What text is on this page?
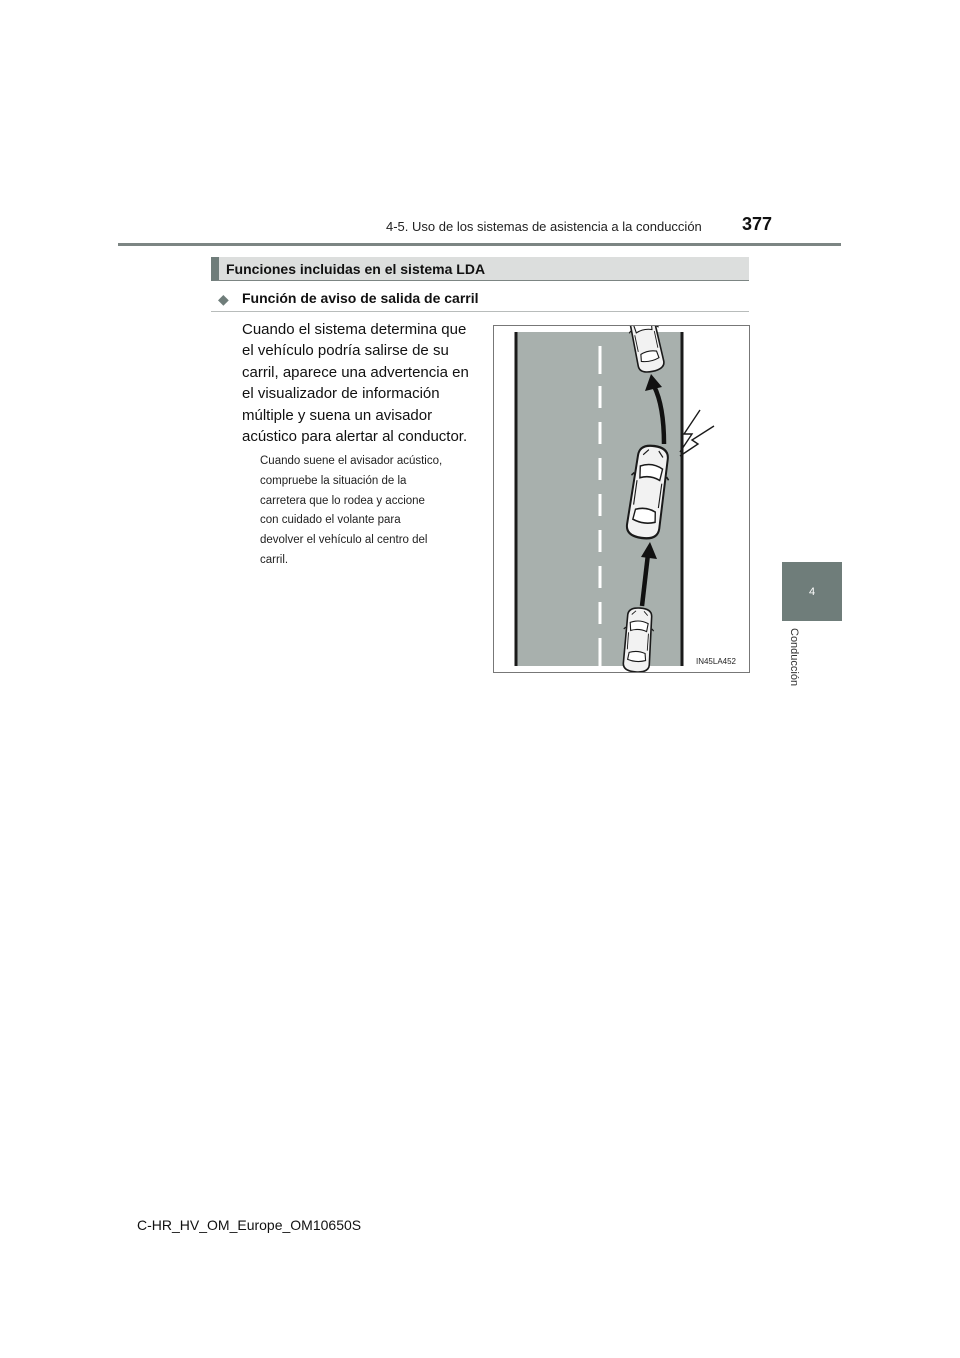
4-5. Uso de los sistemas de asistencia a la conducción 377
4
Conducción
Funciones incluidas en el sistema LDA
◆ Función de aviso de salida de carril
Cuando el sistema determina que
el vehículo podría salirse de su
carril, aparece una advertencia en
el visualizador de información
múltiple y suena un avisador
acústico para alertar al conductor.
Cuando suene el avisador acústico,
compruebe la situación de la
carretera que lo rodea y accione
con cuidado el volante para
devolver el vehículo al centro del
carril.
IN45LA452
C-HR_HV_OM_Europe_OM10650S
